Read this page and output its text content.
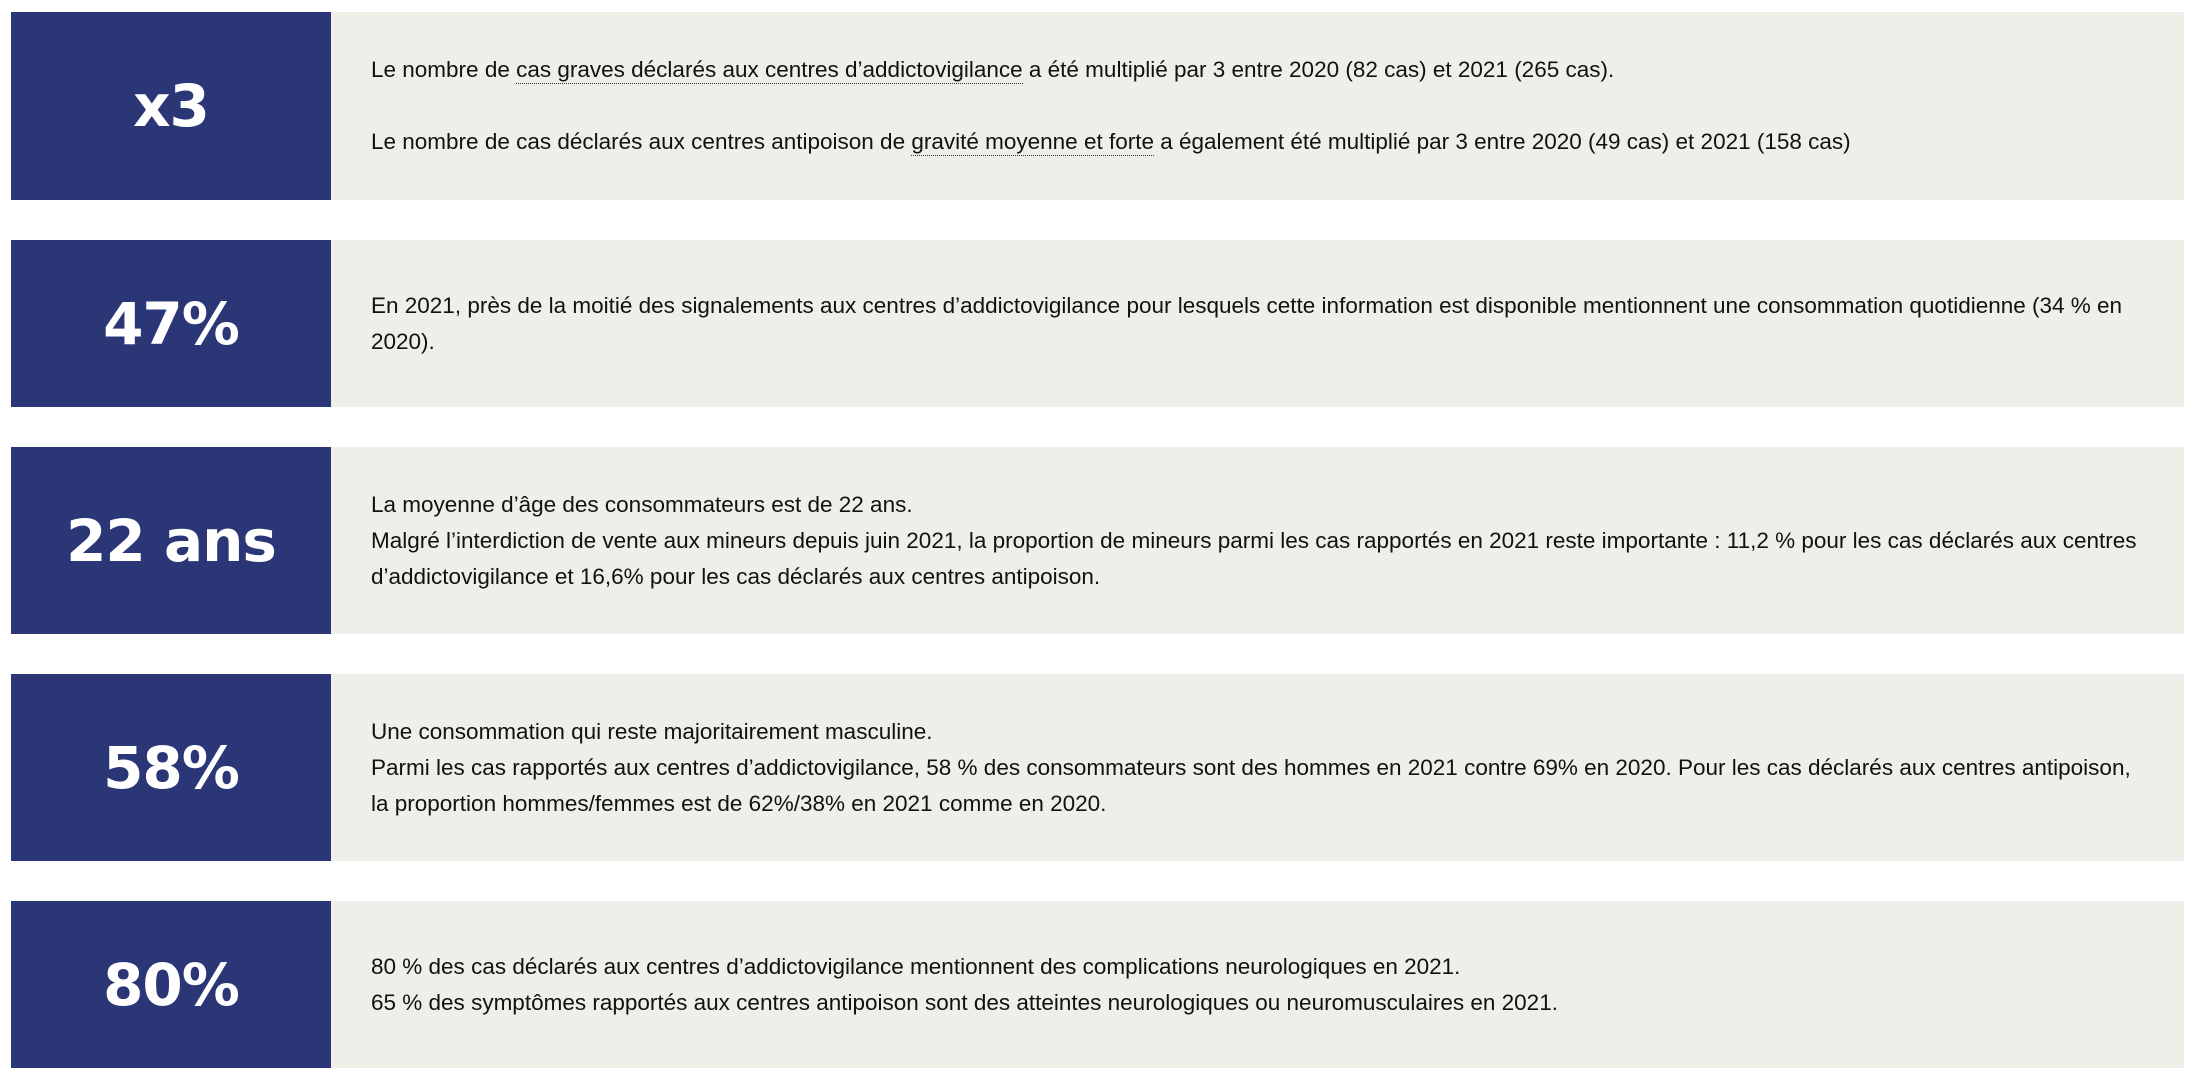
x3

Le nombre de cas graves déclarés aux centres d’addictovigilance a été multiplié par 3 entre 2020 (82 cas) et 2021 (265 cas).

Le nombre de cas déclarés aux centres antipoison de gravité moyenne et forte a également été multiplié par 3 entre 2020 (49 cas) et 2021 (158 cas)

47%	En 2021, près de la moitié des signalements aux centres d’addictovigilance pour lesquels cette information est disponible mentionnent une consommation quotidienne (34 % en 2020).

22 ans

La moyenne d’âge des consommateurs est de 22 ans.

Malgré l’interdiction de vente aux mineurs depuis juin 2021, la proportion de mineurs parmi les cas rapportés en 2021 reste importante : 11,2 % pour les cas déclarés aux centres d’addictovigilance et 16,6% pour les cas déclarés aux centres antipoison.

58%

Une consommation qui reste majoritairement masculine.

Parmi les cas rapportés aux centres d’addictovigilance, 58 % des consommateurs sont des hommes en 2021 contre 69% en 2020. Pour les cas déclarés aux centres antipoison, la proportion hommes/femmes est de 62%/38% en 2021 comme en 2020.

80%	80 % des cas déclarés aux centres d’addictovigilance mentionnent des complications neurologiques en 2021.

65 % des symptômes rapportés aux centres antipoison sont des atteintes neurologiques ou neuromusculaires en 2021.
